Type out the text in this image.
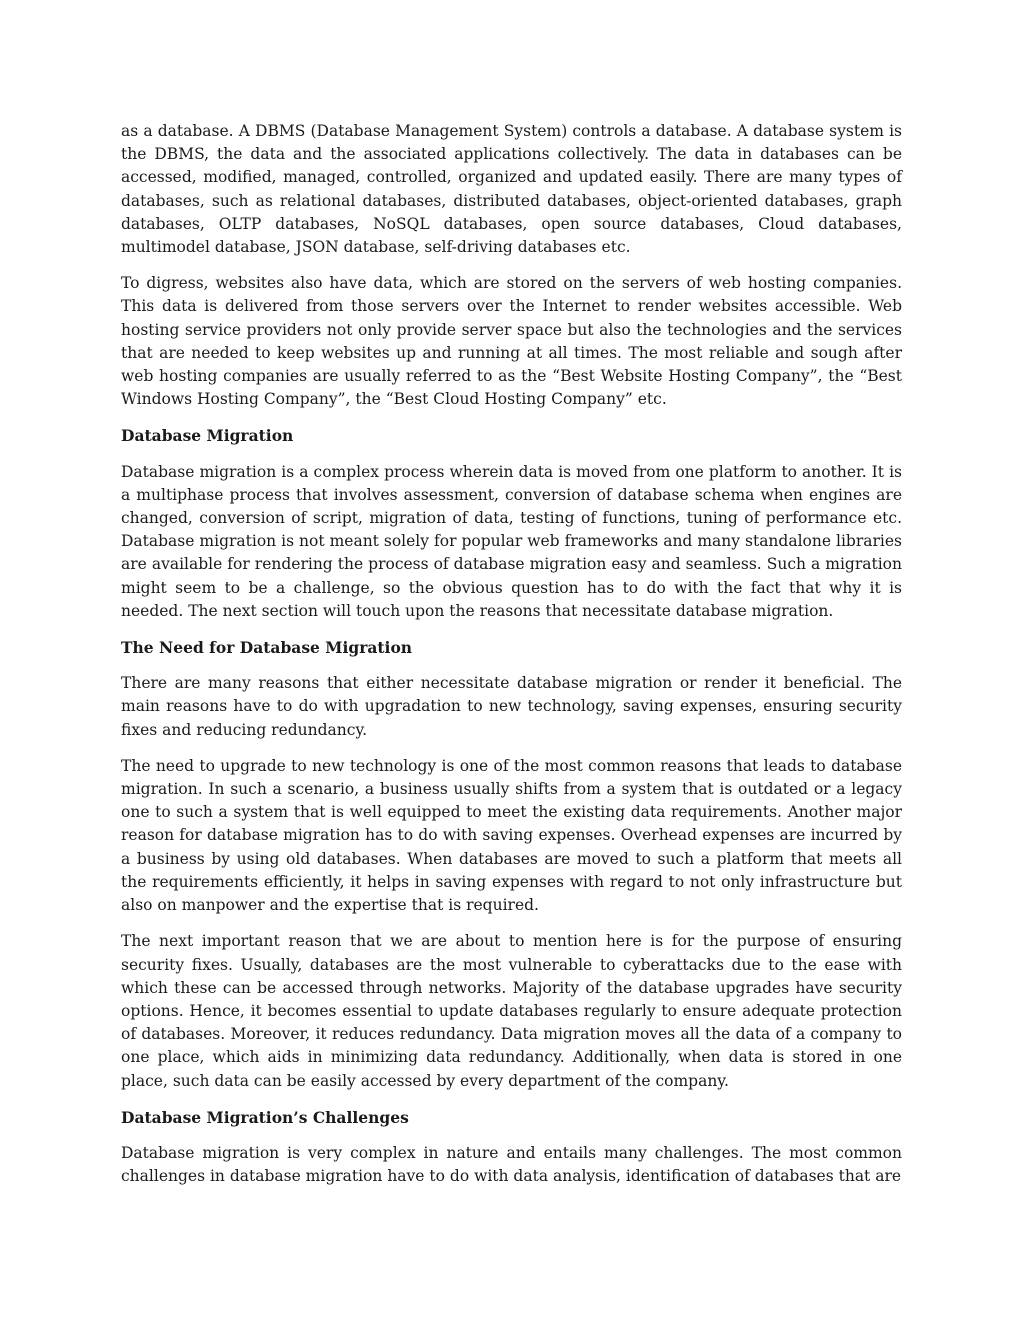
as a database. A DBMS (Database Management System) controls a database. A database system is the DBMS, the data and the associated applications collectively. The data in databases can be accessed, modified, managed, controlled, organized and updated easily. There are many types of databases, such as relational databases, distributed databases, object-oriented databases, graph databases, OLTP databases, NoSQL databases, open source databases, Cloud databases, multimodel database, JSON database, self-driving databases etc.

To digress, websites also have data, which are stored on the servers of web hosting companies. This data is delivered from those servers over the Internet to render websites accessible. Web hosting service providers not only provide server space but also the technologies and the services that are needed to keep websites up and running at all times. The most reliable and sough after web hosting companies are usually referred to as the “Best Website Hosting Company”, the “Best Windows Hosting Company”, the “Best Cloud Hosting Company” etc.

Database Migration

Database migration is a complex process wherein data is moved from one platform to another. It is a multiphase process that involves assessment, conversion of database schema when engines are changed, conversion of script, migration of data, testing of functions, tuning of performance etc. Database migration is not meant solely for popular web frameworks and many standalone libraries are available for rendering the process of database migration easy and seamless. Such a migration might seem to be a challenge, so the obvious question has to do with the fact that why it is needed. The next section will touch upon the reasons that necessitate database migration.

The Need for Database Migration

There are many reasons that either necessitate database migration or render it beneficial. The main reasons have to do with upgradation to new technology, saving expenses, ensuring security fixes and reducing redundancy.

The need to upgrade to new technology is one of the most common reasons that leads to database migration. In such a scenario, a business usually shifts from a system that is outdated or a legacy one to such a system that is well equipped to meet the existing data requirements. Another major reason for database migration has to do with saving expenses. Overhead expenses are incurred by a business by using old databases. When databases are moved to such a platform that meets all the requirements efficiently, it helps in saving expenses with regard to not only infrastructure but also on manpower and the expertise that is required.

The next important reason that we are about to mention here is for the purpose of ensuring security fixes. Usually, databases are the most vulnerable to cyberattacks due to the ease with which these can be accessed through networks. Majority of the database upgrades have security options. Hence, it becomes essential to update databases regularly to ensure adequate protection of databases. Moreover, it reduces redundancy. Data migration moves all the data of a company to one place, which aids in minimizing data redundancy. Additionally, when data is stored in one place, such data can be easily accessed by every department of the company.

Database Migration’s Challenges

Database migration is very complex in nature and entails many challenges. The most common challenges in database migration have to do with data analysis, identification of databases that are
